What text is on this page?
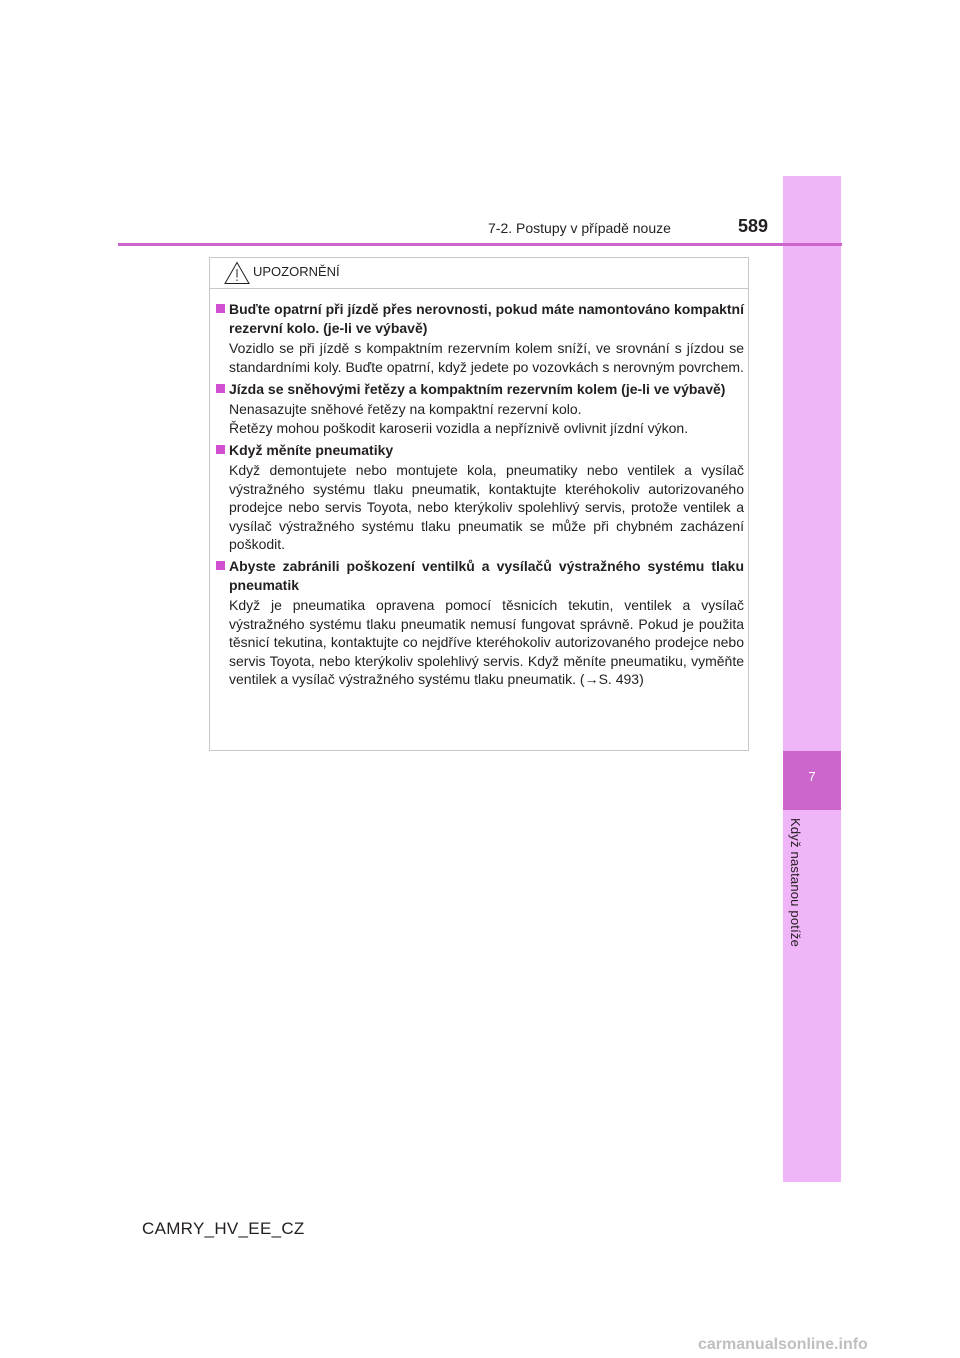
7
Když nastanou potíže
7-2. Postupy v případě nouze	589
UPOZORNĚNÍ
Buďte opatrní při jízdě přes nerovnosti, pokud máte namontováno kompaktní rezervní kolo. (je-li ve výbavě)
Vozidlo se při jízdě s kompaktním rezervním kolem sníží, ve srovnání s jízdou se standardními koly. Buďte opatrní, když jedete po vozovkách s nerovným povrchem.
Jízda se sněhovými řetězy a kompaktním rezervním kolem (je-li ve výbavě)
Nenasazujte sněhové řetězy na kompaktní rezervní kolo.
Řetězy mohou poškodit karoserii vozidla a nepříznivě ovlivnit jízdní výkon.
Když měníte pneumatiky
Když demontujete nebo montujete kola, pneumatiky nebo ventilek a vysílač výstražného systému tlaku pneumatik, kontaktujte kteréhokoliv autorizovaného prodejce nebo servis Toyota, nebo kterýkoliv spolehlivý servis, protože ventilek a vysílač výstražného systému tlaku pneumatik se může při chybném zacházení poškodit.
Abyste zabránili poškození ventilků a vysílačů výstražného systému tlaku pneumatik
Když je pneumatika opravena pomocí těsnicích tekutin, ventilek a vysílač výstražného systému tlaku pneumatik nemusí fungovat správně. Pokud je použita těsnicí tekutina, kontaktujte co nejdříve kteréhokoliv autorizovaného prodejce nebo servis Toyota, nebo kterýkoliv spolehlivý servis. Když měníte pneumatiku, vyměňte ventilek a vysílač výstražného systému tlaku pneumatik. (→S. 493)
CAMRY_HV_EE_CZ
carmanualsonline.info
